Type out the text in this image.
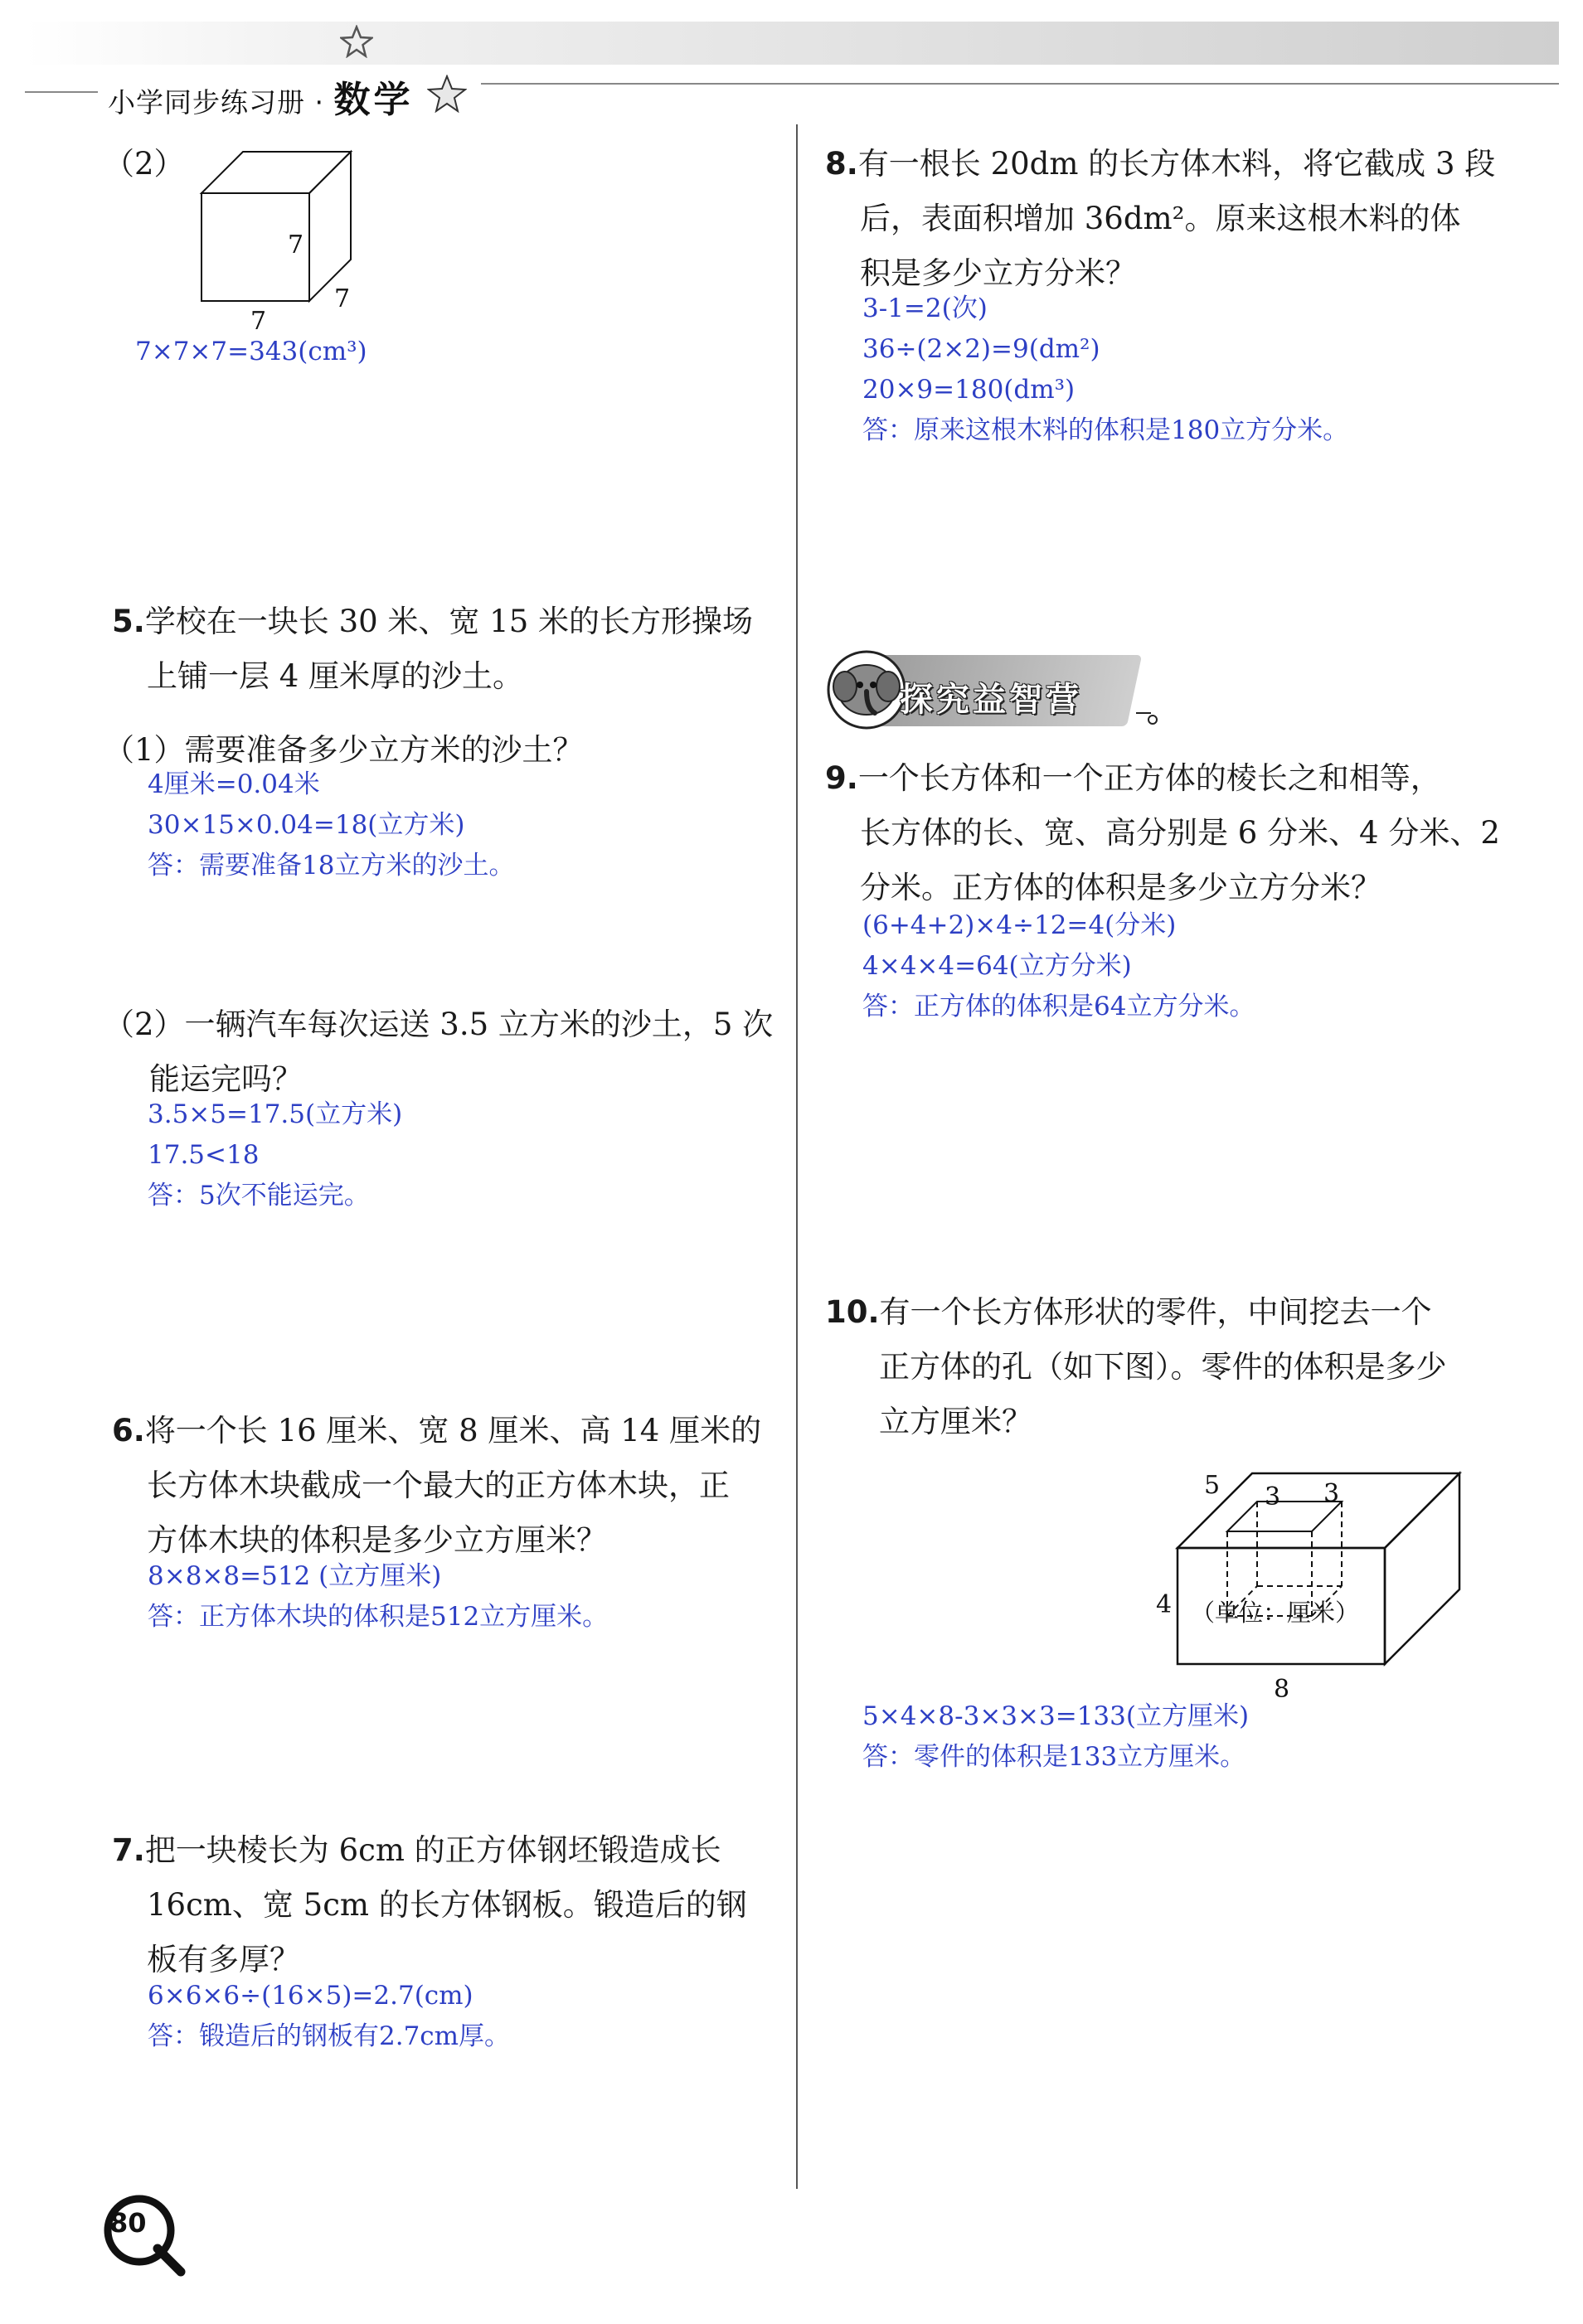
小学同步练习册 · 数学
（2）
7
7
7
7×7×7=343(cm³)
5.学校在一块长 30 米、宽 15 米的长方形操场
上铺一层 4 厘米厚的沙土。
（1）需要准备多少立方米的沙土？
4厘米=0.04米
30×15×0.04=18(立方米)
答：需要准备18立方米的沙土。
（2）一辆汽车每次运送 3.5 立方米的沙土，5 次
能运完吗？
3.5×5=17.5(立方米)
17.5<18
答：5次不能运完。
6.将一个长 16 厘米、宽 8 厘米、高 14 厘米的
长方体木块截成一个最大的正方体木块，正
方体木块的体积是多少立方厘米？
8×8×8=512 (立方厘米)
答：正方体木块的体积是512立方厘米。
7.把一块棱长为 6cm 的正方体钢坯锻造成长
16cm、宽 5cm 的长方体钢板。锻造后的钢
板有多厚？
6×6×6÷(16×5)=2.7(cm)
答：锻造后的钢板有2.7cm厚。
8.有一根长 20dm 的长方体木料，将它截成 3 段
后，表面积增加 36dm²。原来这根木料的体
积是多少立方分米？
3-1=2(次)
36÷(2×2)=9(dm²)
20×9=180(dm³)
答：原来这根木料的体积是180立方分米。
探究益智营
9.一个长方体和一个正方体的棱长之和相等，
长方体的长、宽、高分别是 6 分米、4 分米、2
分米。正方体的体积是多少立方分米？
(6+4+2)×4÷12=4(分米)
4×4×4=64(立方分米)
答：正方体的体积是64立方分米。
10.有一个长方体形状的零件，中间挖去一个
正方体的孔（如下图）。零件的体积是多少
立方厘米？
5 3 3
4
8
（单位：厘米）
5×4×8-3×3×3=133(立方厘米)
答：零件的体积是133立方厘米。
80
